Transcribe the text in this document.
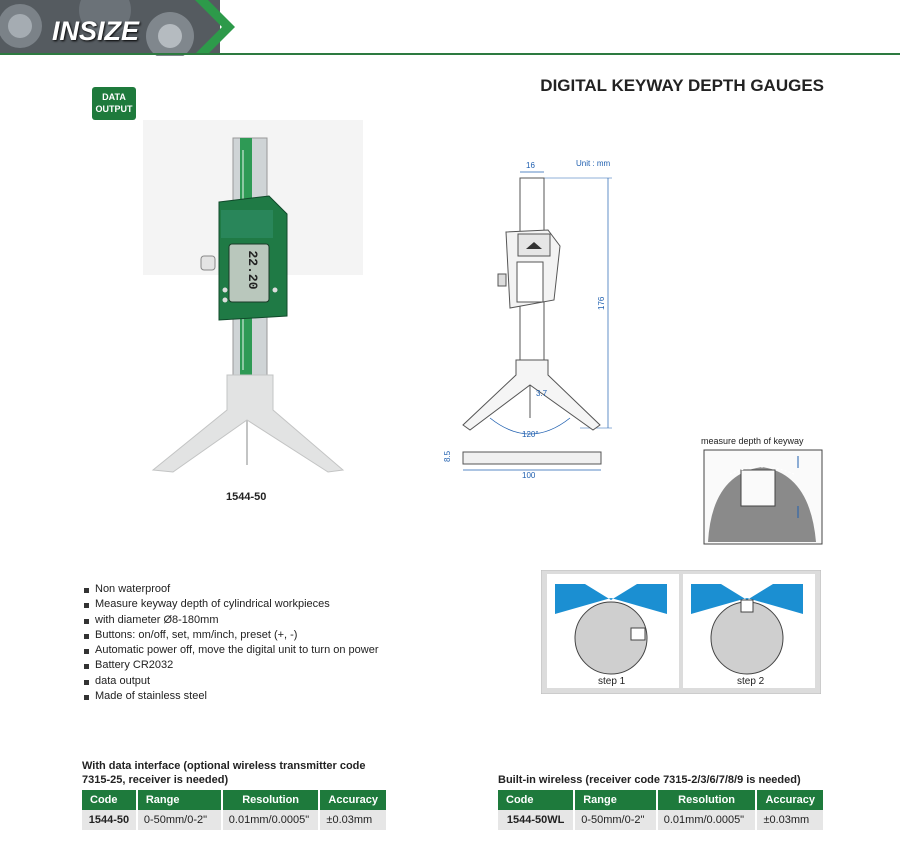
INSIZE
DIGITAL KEYWAY DEPTH GAUGES
DATA
OUTPUT
22.20
1544-50
Unit : mm
16
176
3.7
120°
100
8.5
measure depth of keyway
step 1	step 2
Non waterproof
Measure keyway depth of cylindrical workpieces
with diameter Ø8-180mm
Buttons: on/off, set, mm/inch, preset (+, -)
Automatic power off, move the digital unit to turn on power
Battery CR2032
data output
Made of stainless steel
With data interface (optional wireless transmitter code
7315-25, receiver is needed)
Code	Range	Resolution	Accuracy
1544-50	0-50mm/0-2"	0.01mm/0.0005"	±0.03mm
Built-in wireless (receiver code 7315-2/3/6/7/8/9 is needed)
Code	Range	Resolution	Accuracy
1544-50WL	0-50mm/0-2"	0.01mm/0.0005"	±0.03mm
